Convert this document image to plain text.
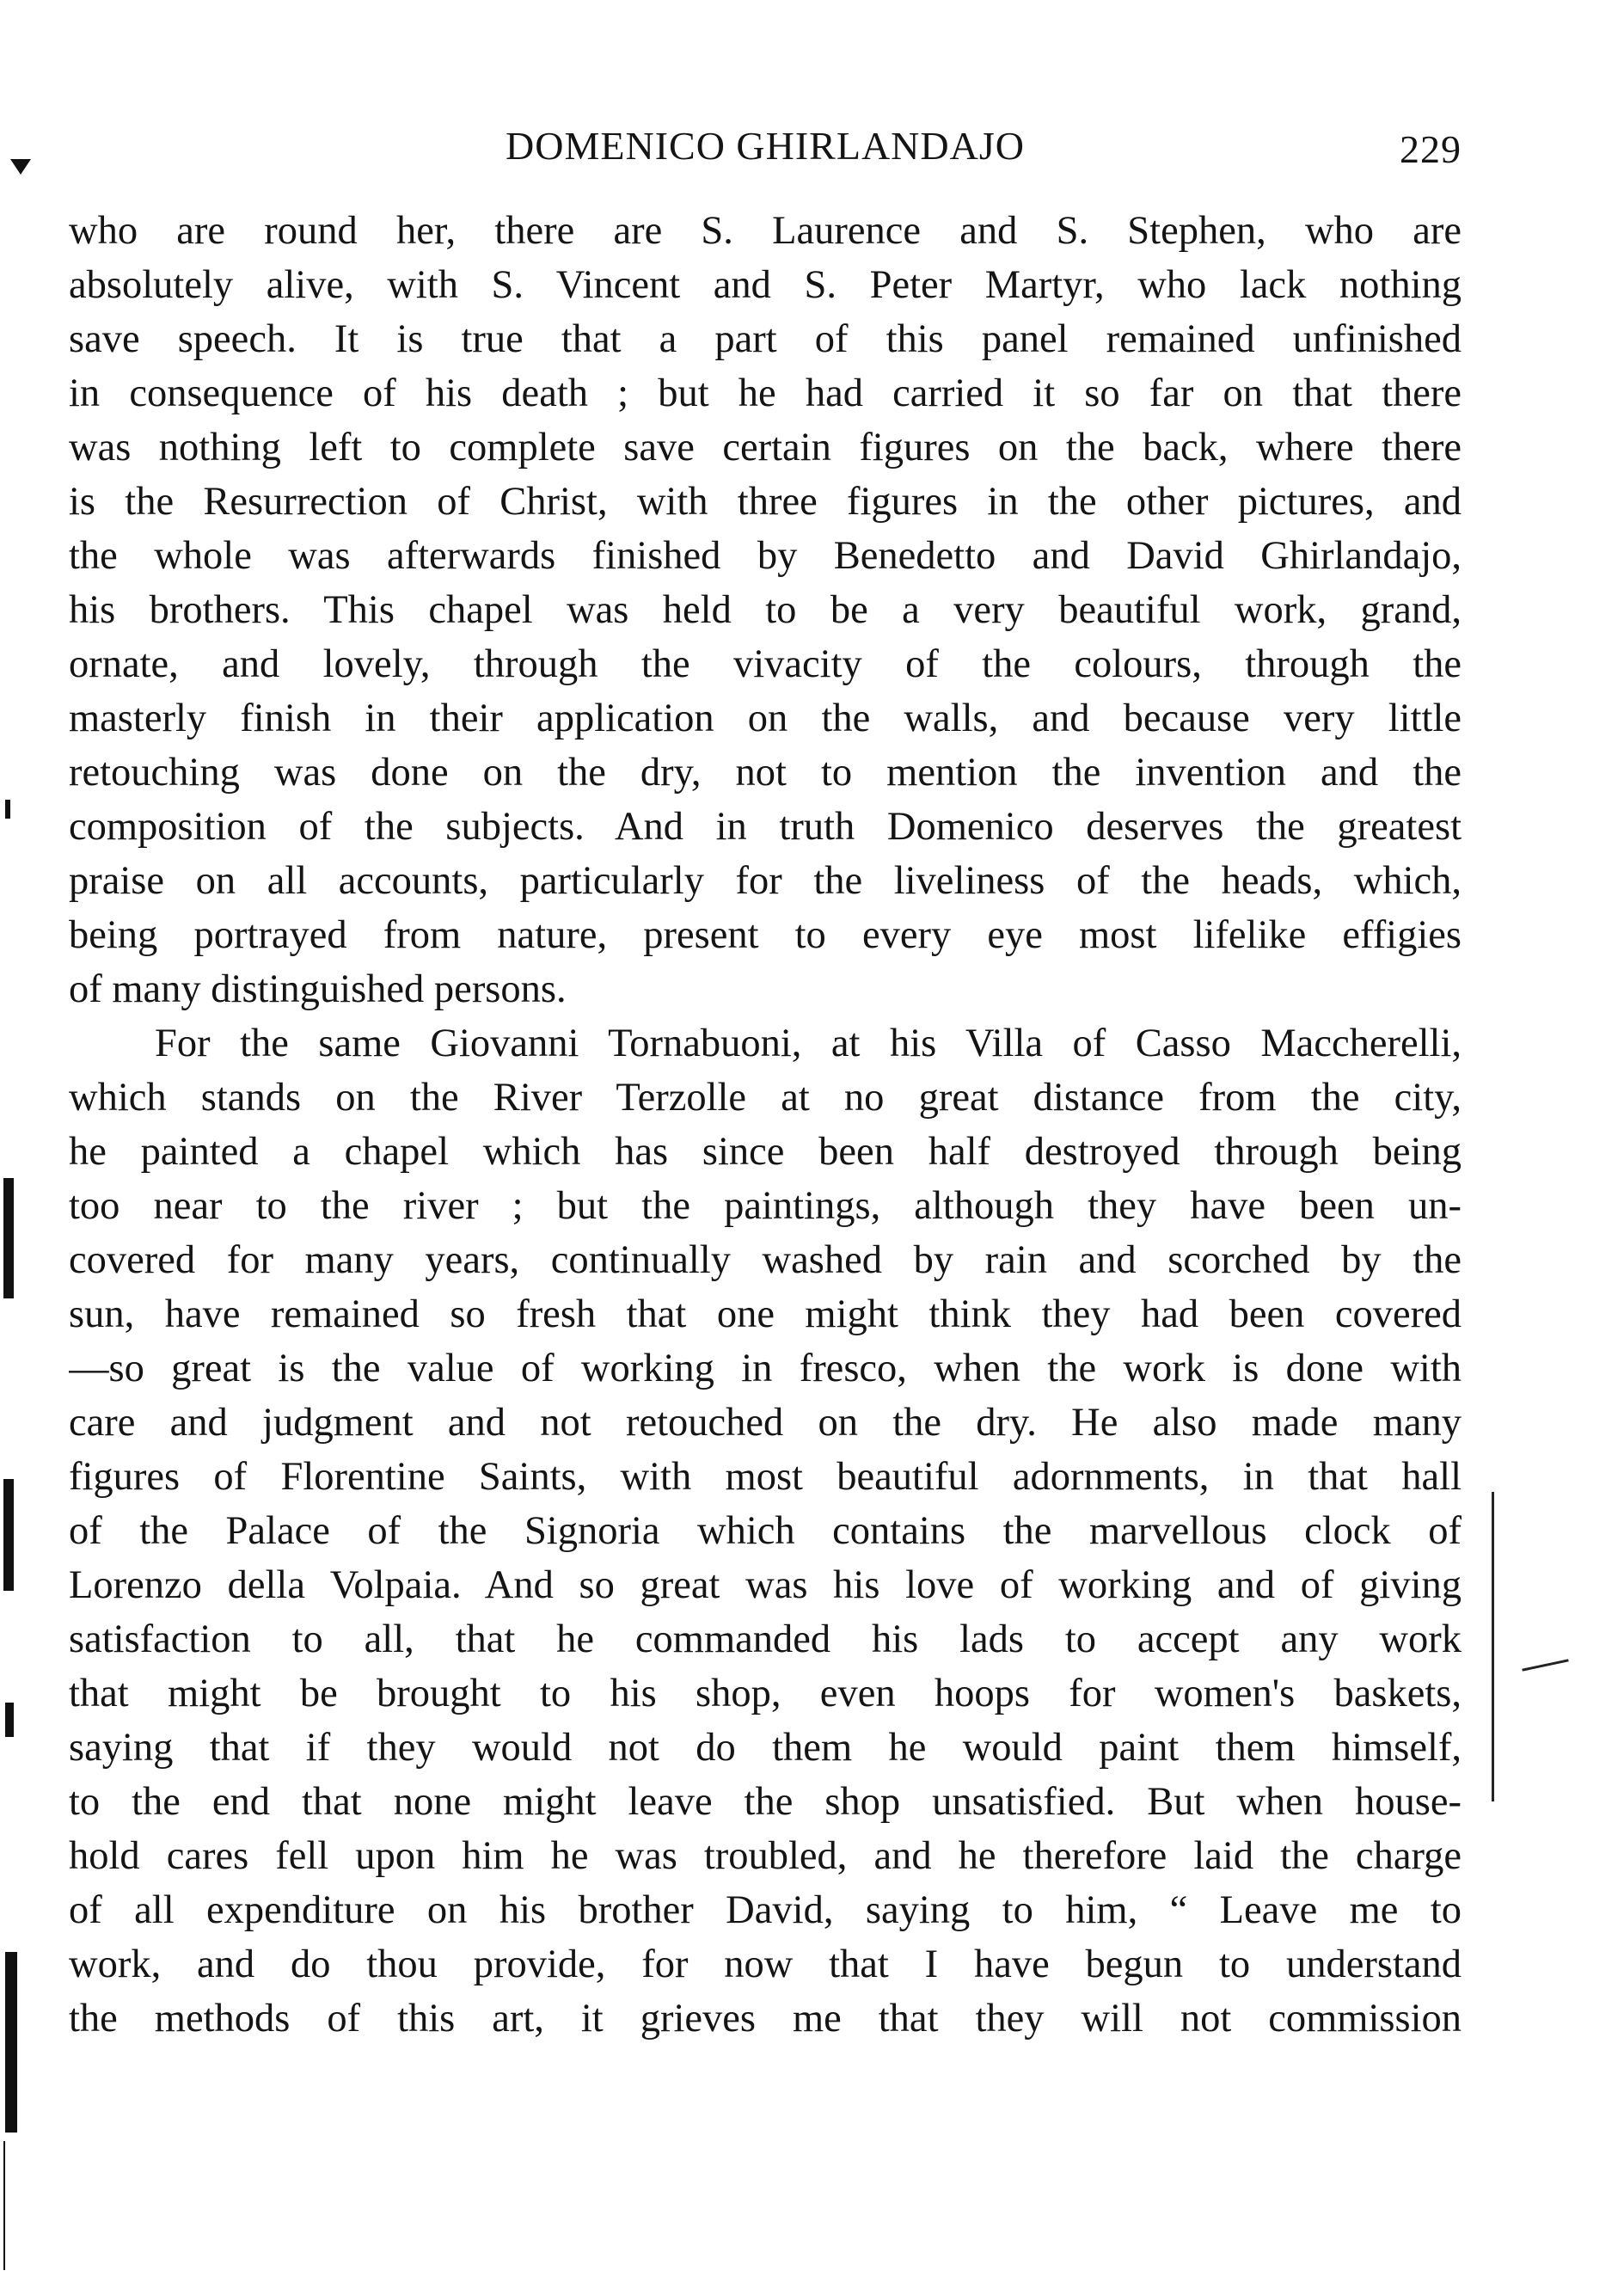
DOMENICO GHIRLANDAJO	229
who are round her, there are S. Laurence and S. Stephen, who are
absolutely alive, with S. Vincent and S. Peter Martyr, who lack nothing
save speech. It is true that a part of this panel remained unfinished
in consequence of his death ; but he had carried it so far on that there
was nothing left to complete save certain figures on the back, where there
is the Resurrection of Christ, with three figures in the other pictures, and
the whole was afterwards finished by Benedetto and David Ghirlandajo,
his brothers. This chapel was held to be a very beautiful work, grand,
ornate, and lovely, through the vivacity of the colours, through the
masterly finish in their application on the walls, and because very little
retouching was done on the dry, not to mention the invention and the
composition of the subjects. And in truth Domenico deserves the greatest
praise on all accounts, particularly for the liveliness of the heads, which,
being portrayed from nature, present to every eye most lifelike effigies
of many distinguished persons.
For the same Giovanni Tornabuoni, at his Villa of Casso Maccherelli,
which stands on the River Terzolle at no great distance from the city,
he painted a chapel which has since been half destroyed through being
too near to the river ; but the paintings, although they have been un-
covered for many years, continually washed by rain and scorched by the
sun, have remained so fresh that one might think they had been covered
—so great is the value of working in fresco, when the work is done with
care and judgment and not retouched on the dry. He also made many
figures of Florentine Saints, with most beautiful adornments, in that hall
of the Palace of the Signoria which contains the marvellous clock of
Lorenzo della Volpaia. And so great was his love of working and of giving
satisfaction to all, that he commanded his lads to accept any work
that might be brought to his shop, even hoops for women's baskets,
saying that if they would not do them he would paint them himself,
to the end that none might leave the shop unsatisfied. But when house-
hold cares fell upon him he was troubled, and he therefore laid the charge
of all expenditure on his brother David, saying to him, “ Leave me to
work, and do thou provide, for now that I have begun to understand
the methods of this art, it grieves me that they will not commission
